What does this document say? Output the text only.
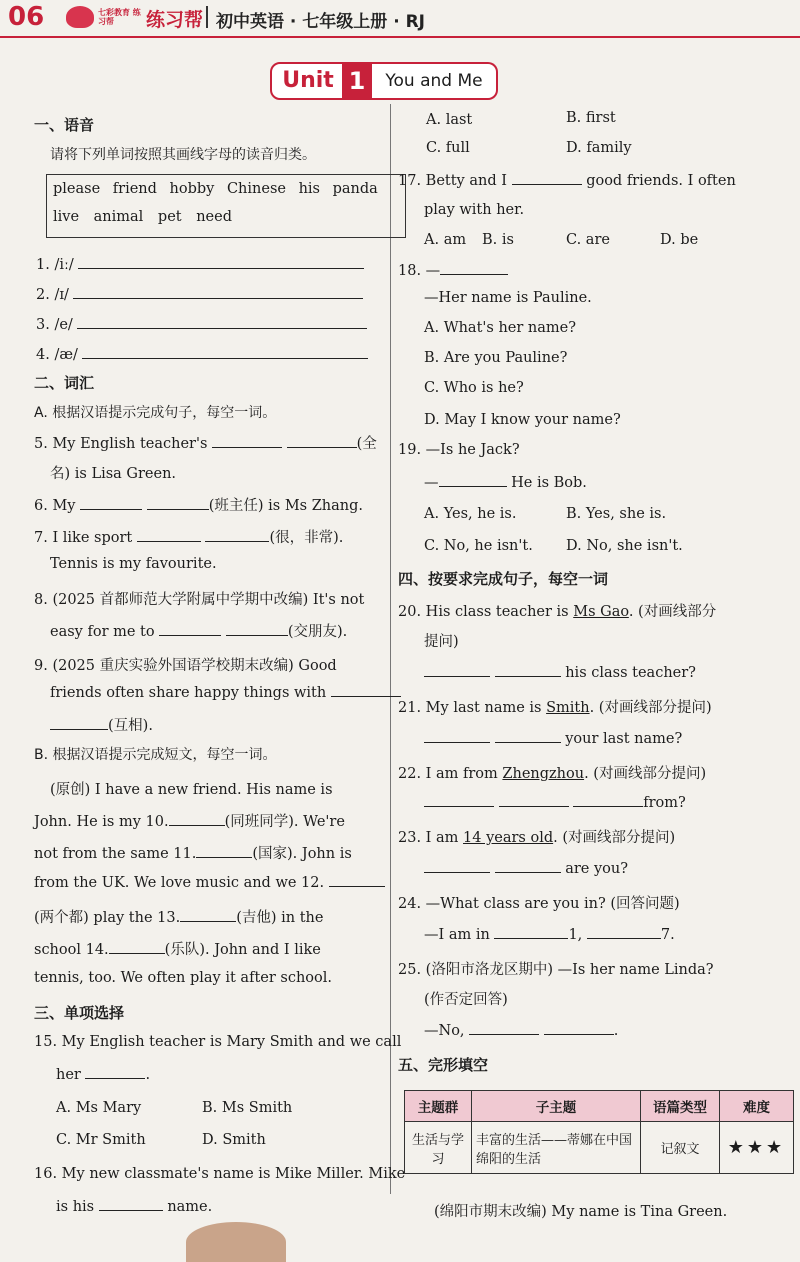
06	七彩教育 练习帮	练习帮 初中英语 · 七年级上册 · RJ
Unit 1	You and Me
一、语音
请将下列单词按照其画线字母的读音归类。
please friend hobby Chinese his panda
live animal pet need
1. /iː/
2. /ɪ/
3. /e/
4. /æ/
二、词汇
A. 根据汉语提示完成句子，每空一词。
5. My English teacher's	(全
名) is Lisa Green.
6. My	(班主任) is Ms Zhang.
7. I like sport	(很，非常).
Tennis is my favourite.
8. (2025 首都师范大学附属中学期中改编) It's not
easy for me to	(交朋友).
9. (2025 重庆实验外国语学校期末改编) Good
friends often share happy things with
(互相).
B. 根据汉语提示完成短文，每空一词。
(原创) I have a new friend. His name is
John. He is my 10.	(同班同学). We're
not from the same 11.	(国家). John is
from the UK. We love music and we 12.
(两个都) play the 13.	(吉他) in the
school 14.	(乐队). John and I like
tennis, too. We often play it after school.
三、单项选择
15. My English teacher is Mary Smith and we call
her	.
A. Ms Mary	B. Ms Smith
C. Mr Smith	D. Smith
16. My new classmate's name is Mike Miller. Mike
is his	name.
A. last	B. first
C. full	D. family
17. Betty and I	good friends. I often
play with her.
A. am B. is	C. are	D. be
18. —
—Her name is Pauline.
A. What's her name?
B. Are you Pauline?
C. Who is he?
D. May I know your name?
19. —Is he Jack?
—	He is Bob.
A. Yes, he is.	B. Yes, she is.
C. No, he isn't. D. No, she isn't.
四、按要求完成句子，每空一词
20. His class teacher is Ms Gao. (对画线部分
提问)
his class teacher?
21. My last name is Smith. (对画线部分提问)
your last name?
22. I am from Zhengzhou. (对画线部分提问)
from?
23. I am 14 years old. (对画线部分提问)
are you?
24. —What class are you in? (回答问题)
—I am in	1,	7.
25. (洛阳市洛龙区期中) —Is her name Linda?
(作否定回答)
—No,	.
五、完形填空
(绵阳市期末改编) My name is Tina Green.
主题群	子主题	语篇类型	难度
生活与学习	丰富的生活——蒂娜在中国绵阳的生活	记叙文	★★★
